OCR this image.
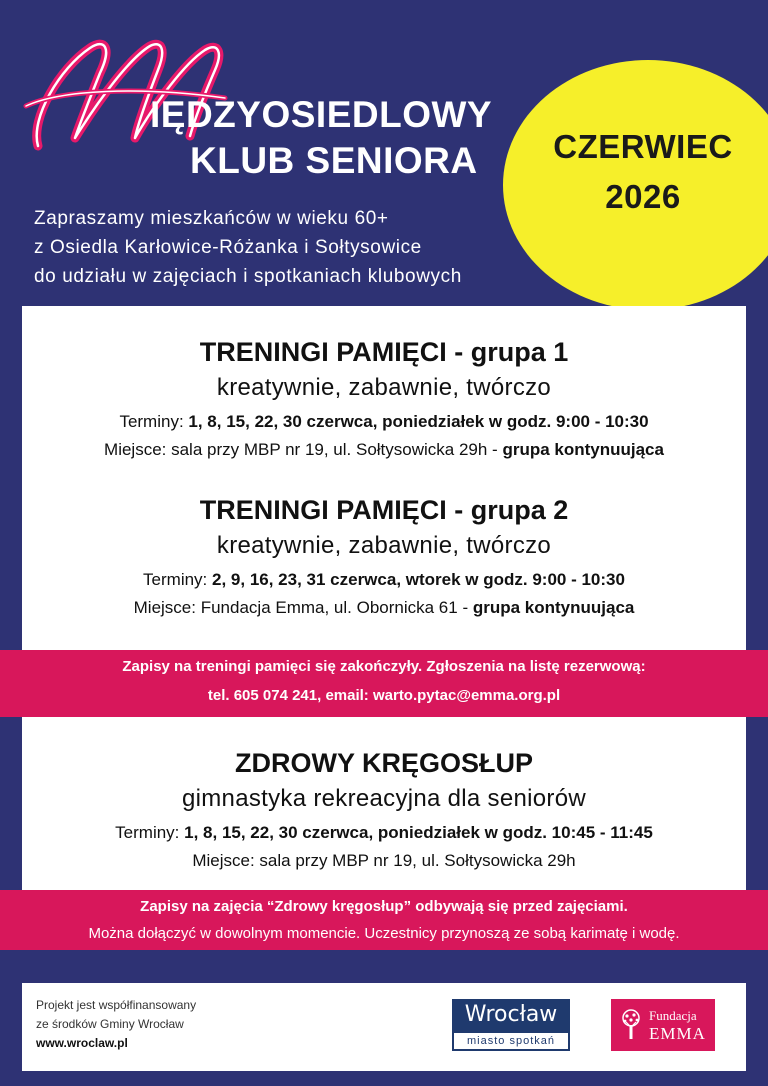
IĘDZYOSIEDLOWY
KLUB SENIORA	CZERWIEC
2026
Zapraszamy mieszkańców w wieku 60+
z Osiedla Karłowice-Różanka i Sołtysowice
do udziału w zajęciach i spotkaniach klubowych
TRENINGI PAMIĘCI - grupa 1
kreatywnie, zabawnie, twórczo
Terminy: 1, 8, 15, 22, 30 czerwca, poniedziałek w godz. 9:00 - 10:30
Miejsce: sala przy MBP nr 19, ul. Sołtysowicka 29h - grupa kontynuująca
TRENINGI PAMIĘCI - grupa 2
kreatywnie, zabawnie, twórczo
Terminy: 2, 9, 16, 23, 31 czerwca, wtorek w godz. 9:00 - 10:30
Miejsce: Fundacja Emma, ul. Obornicka 61 - grupa kontynuująca
Zapisy na treningi pamięci się zakończyły. Zgłoszenia na listę rezerwową:
tel. 605 074 241, email: warto.pytac@emma.org.pl
ZDROWY KRĘGOSŁUP
gimnastyka rekreacyjna dla seniorów
Terminy: 1, 8, 15, 22, 30 czerwca, poniedziałek w godz. 10:45 - 11:45
Miejsce: sala przy MBP nr 19, ul. Sołtysowicka 29h
Zapisy na zajęcia “Zdrowy kręgosłup” odbywają się przed zajęciami.
Można dołączyć w dowolnym momencie. Uczestnicy przynoszą ze sobą karimatę i wodę.
Projekt jest współfinansowany
ze środków Gminy Wrocław
www.wroclaw.pl
Wrocław
miasto spotkań
Fundacja
EMMA
